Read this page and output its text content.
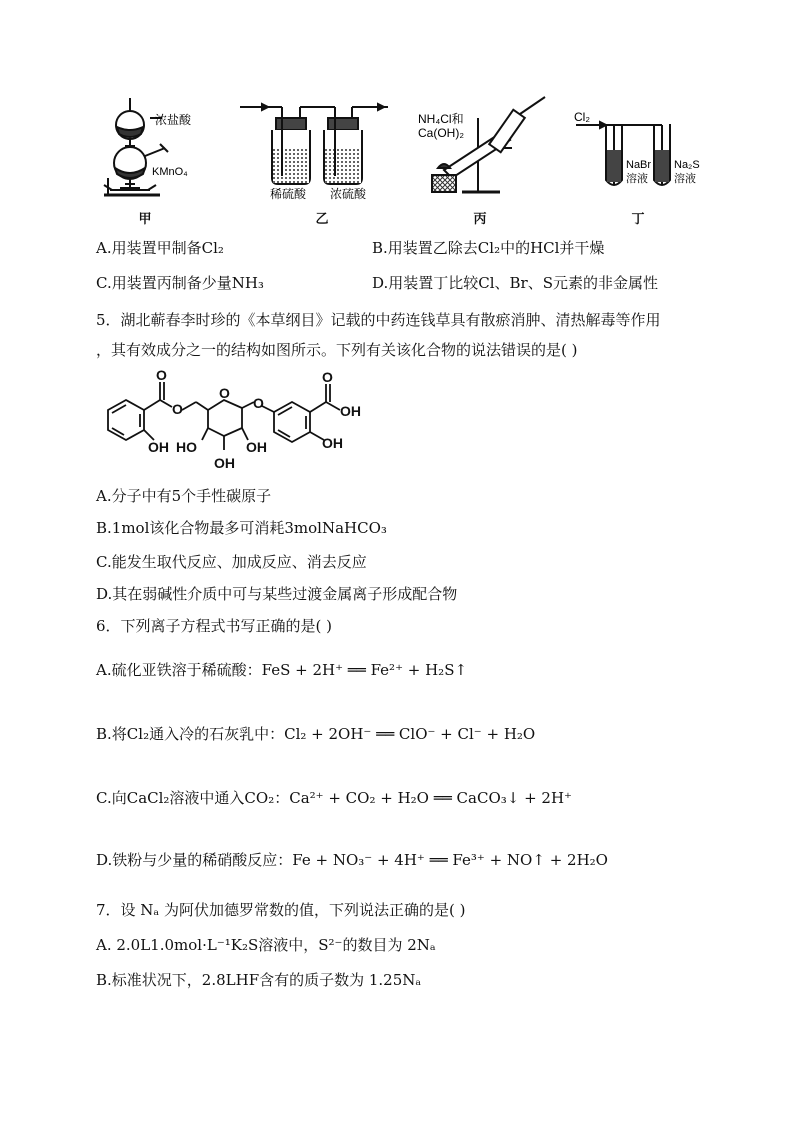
浓盐酸
KMnO₄
稀硫酸 浓硫酸
NH₄Cl和
Ca(OH)₂
Cl₂
NaBr
溶液
Na₂S
溶液
甲	乙	丙	丁
A.用装置甲制备Cl₂	B.用装置乙除去Cl₂中的HCl并干燥
C.用装置丙制备少量NH₃	D.用装置丁比较Cl、Br、S元素的非金属性
5．湖北蕲春李时珍的《本草纲目》记载的中药连钱草具有散瘀消肿、清热解毒等作用
，其有效成分之一的结构如图所示。下列有关该化合物的说法错误的是( )
O
O
O
O
O
OH
HO
OH
OH
OH	OH
A.分子中有5个手性碳原子
B.1mol该化合物最多可消耗3molNaHCO₃
C.能发生取代反应、加成反应、消去反应
D.其在弱碱性介质中可与某些过渡金属离子形成配合物
6．下列离子方程式书写正确的是( )
A.硫化亚铁溶于稀硫酸：FeS + 2H⁺ ══ Fe²⁺ + H₂S↑
B.将Cl₂通入冷的石灰乳中：Cl₂ + 2OH⁻ ══ ClO⁻ + Cl⁻ + H₂O
C.向CaCl₂溶液中通入CO₂：Ca²⁺ + CO₂ + H₂O ══ CaCO₃↓ + 2H⁺
D.铁粉与少量的稀硝酸反应：Fe + NO₃⁻ + 4H⁺ ══ Fe³⁺ + NO↑ + 2H₂O
7．设 Nₐ 为阿伏加德罗常数的值，下列说法正确的是( )
A. 2.0L1.0mol·L⁻¹K₂S溶液中，S²⁻的数目为 2Nₐ
B.标准状况下，2.8LHF含有的质子数为 1.25Nₐ
